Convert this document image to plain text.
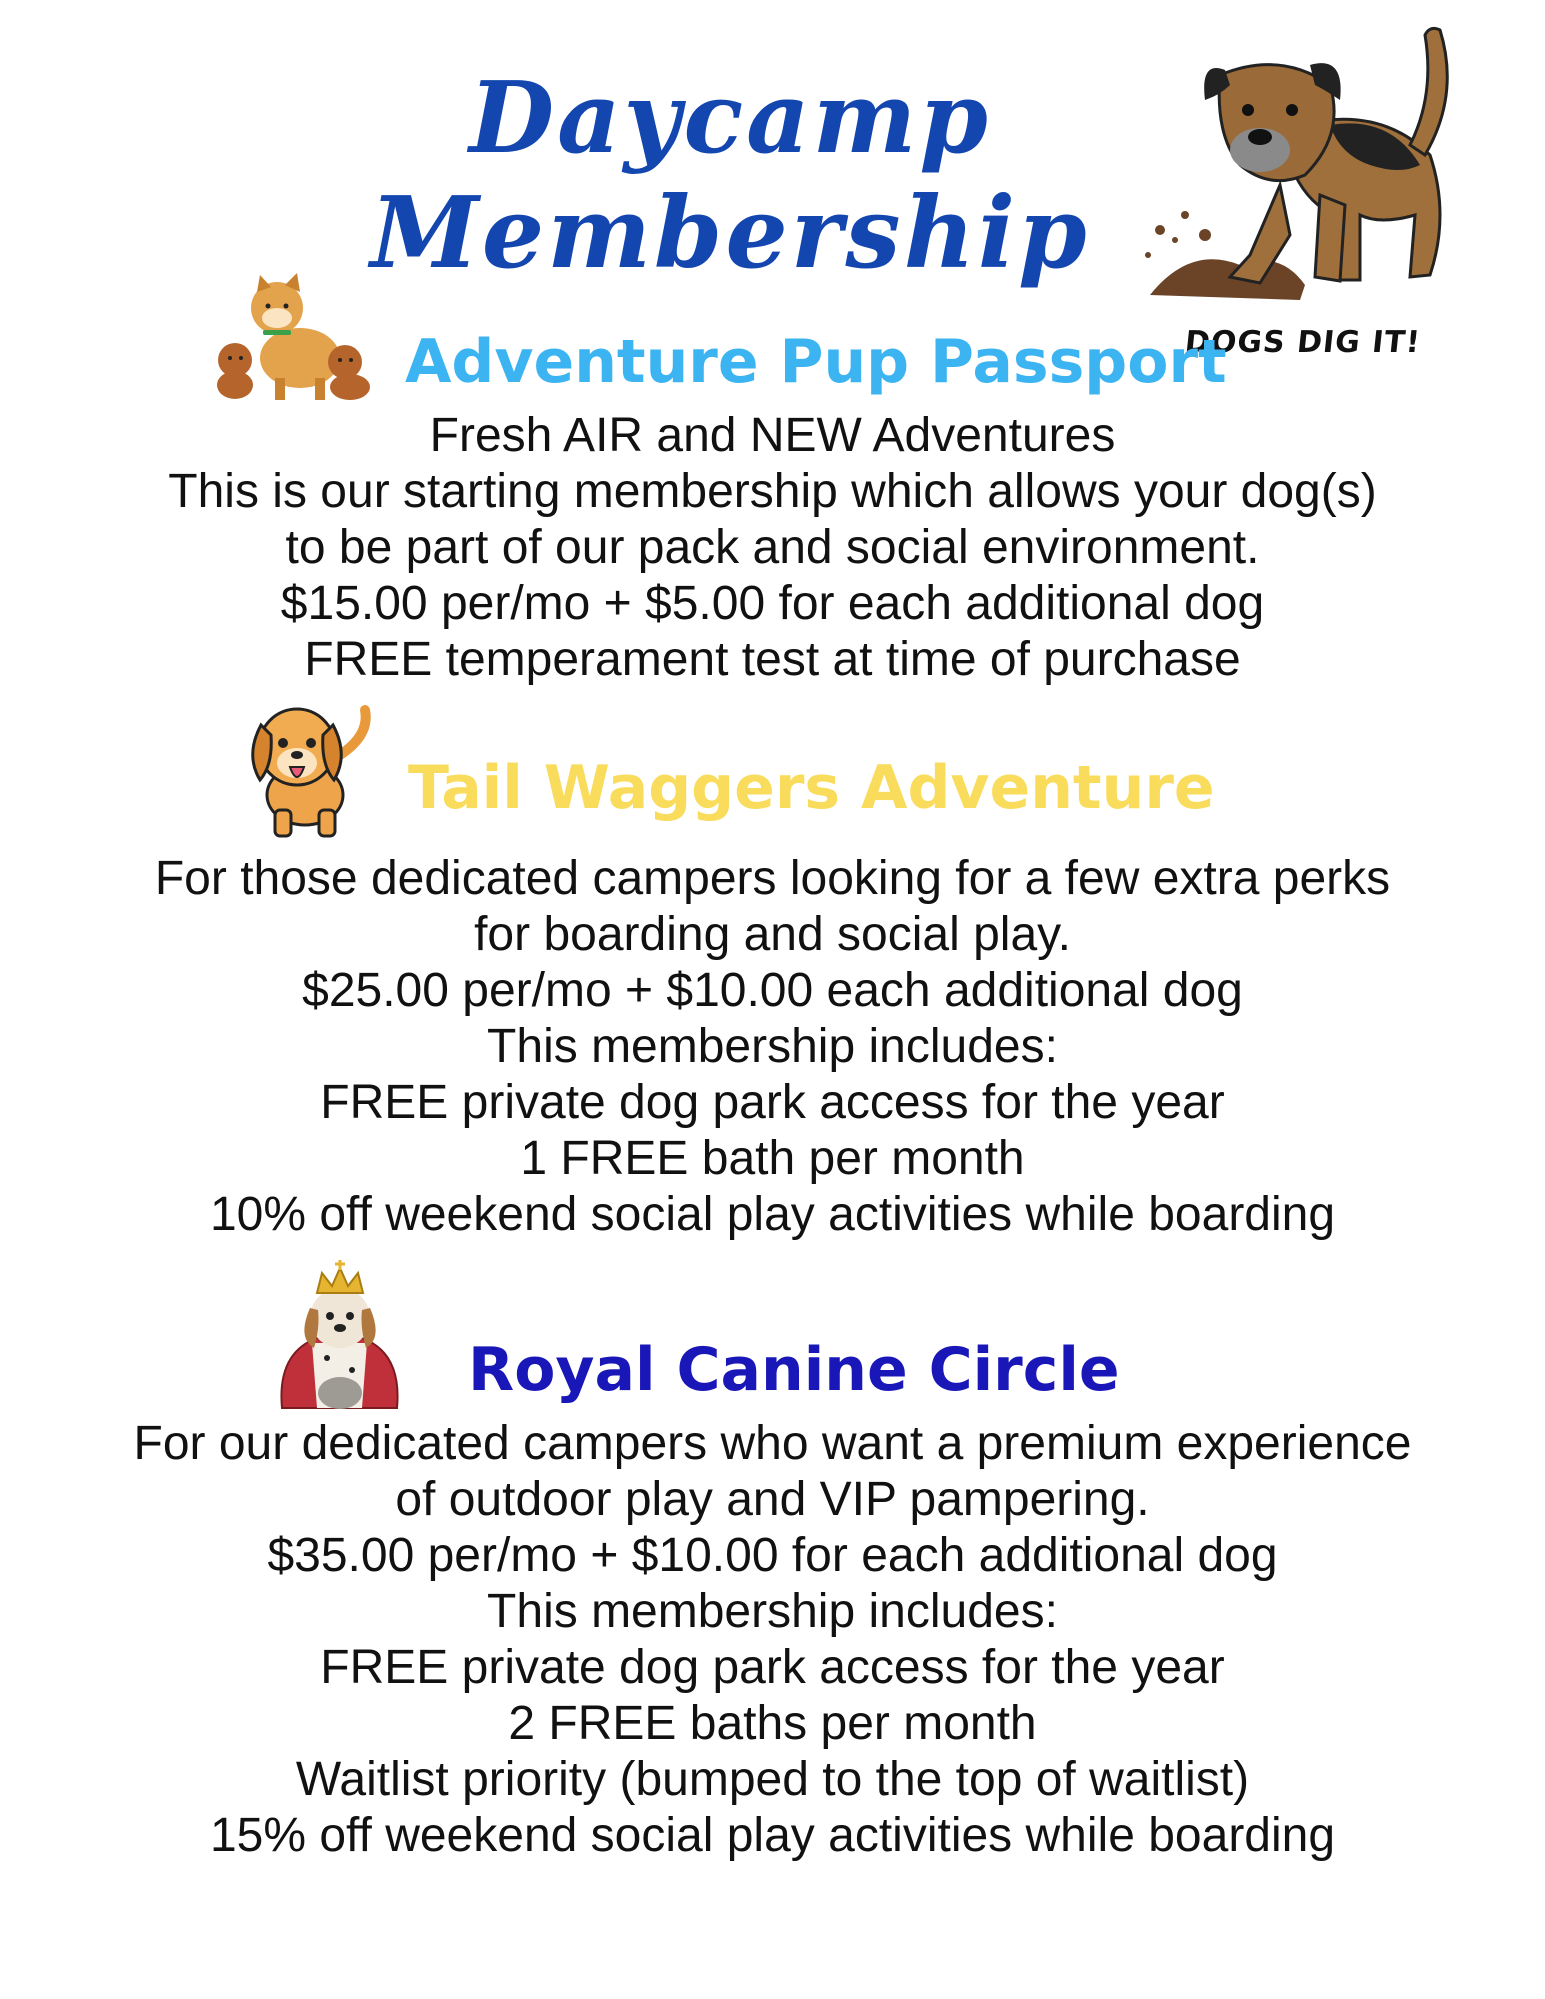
Daycamp
Membership
DOGS DIG IT!
Adventure Pup Passport
Fresh AIR and NEW Adventures
This is our starting membership which allows your dog(s)
to be part of our pack and social environment.
$15.00 per/mo + $5.00 for each additional dog
FREE temperament test at time of purchase
Tail Waggers Adventure
For those dedicated campers looking for a few extra perks
for boarding and social play.
$25.00 per/mo + $10.00 each additional dog
This membership includes:
FREE private dog park access for the year
1 FREE bath per month
10% off weekend social play activities while boarding
Royal Canine Circle
For our dedicated campers who want a premium experience
of outdoor play and VIP pampering.
$35.00 per/mo + $10.00 for each additional dog
This membership includes:
FREE private dog park access for the year
2 FREE baths per month
Waitlist priority (bumped to the top of waitlist)
15% off weekend social play activities while boarding
